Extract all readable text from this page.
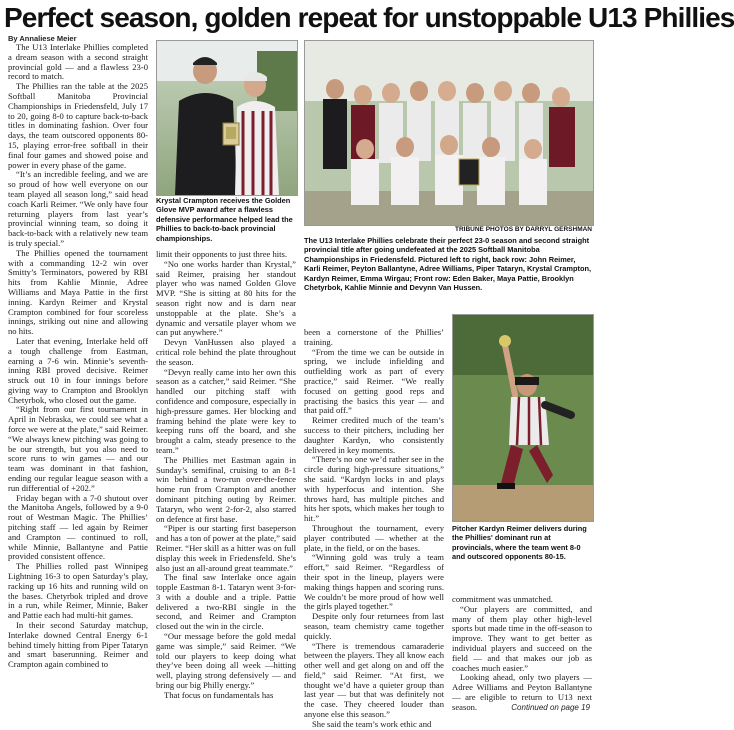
Perfect season, golden repeat for unstoppable U13 Phillies
By Annaliese Meier

The U13 Interlake Phillies completed a dream season with a second straight provincial gold — and a flawless 23-0 record to match.

The Phillies ran the table at the 2025 Softball Manitoba Provincial Championships in Friedensfeld, July 17 to 20, going 8-0 to capture back-to-back titles in dominating fashion. Over four days, the team outscored opponents 80-15, playing error-free softball in their final four games and showed poise and power in every phase of the game.

“It’s an incredible feeling, and we are so proud of how well everyone on our team played all season long,” said head coach Karli Reimer. “We only have four returning players from last year’s provincial winning team, so doing it back-to-back with a relatively new team is truly special.”

The Phillies opened the tournament with a commanding 12-2 win over Smitty’s Terminators, powered by RBI hits from Kahlie Minnie, Adree Williams and Maya Pattie in the first inning. Kardyn Reimer and Krystal Crampton combined for four scoreless innings, striking out nine and allowing no hits.

Later that evening, Interlake held off a tough challenge from Eastman, earning a 7-6 win. Minnie’s seventh-inning RBI proved decisive. Reimer struck out 10 in four innings before giving way to Crampton and Brooklyn Chetyrbok, who closed out the game.

“Right from our first tournament in April in Nebraska, we could see what a force we were at the plate,” said Reimer. “We always knew pitching was going to be our strength, but you also need to score runs to win games — and our team was dominant in that fashion, ending our regular league season with a run differential of +202.”

Friday began with a 7-0 shutout over the Manitoba Angels, followed by a 9-0 rout of Westman Magic. The Phillies’ pitching staff — led again by Reimer and Crampton — continued to roll, while Minnie, Ballantyne and Pattie provided consistent offence.

The Phillies rolled past Winnipeg Lightning 16-3 to open Saturday’s play, racking up 16 hits and running wild on the bases. Chetyrbok tripled and drove in a run, while Reimer, Minnie, Baker and Pattie each had multi-hit games.

In their second Saturday matchup, Interlake downed Central Energy 6-1 behind timely hitting from Piper Tataryn and smart baserunning. Reimer and Crampton again combined to

Krystal Crampton receives the Golden Glove MVP award after a flawless defensive performance helped lead the Phillies to back-to-back provincial championships.
TRIBUNE PHOTOS BY DARRYL GERSHMAN
The U13 Interlake Phillies celebrate their perfect 23-0 season and second straight provincial title after going undefeated at the 2025 Softball Manitoba Championships in Friedensfeld. Pictured left to right, back row: John Reimer, Karli Reimer, Peyton Ballantyne, Adree Williams, Piper Tataryn, Krystal Crampton, Kardyn Reimer, Emma Wirgau; Front row: Eden Baker, Maya Pattie, Brooklyn Chetyrbok, Kahlie Minnie and Devynn Van Hussen.

limit their opponents to just three hits.

“No one works harder than Krystal,” said Reimer, praising her standout player who was named Golden Glove MVP. “She is sitting at 80 hits for the season right now and is darn near unstoppable at the plate. She’s a dynamic and versatile player whom we can put anywhere.”

Devyn VanHussen also played a critical role behind the plate throughout the season.

“Devyn really came into her own this season as a catcher,” said Reimer. “She handled our pitching staff with confidence and composure, especially in high-pressure games. Her blocking and framing behind the plate were key to keeping runs off the board, and she brought a calm, steady presence to the team.”

The Phillies met Eastman again in Sunday’s semifinal, cruising to an 8-1 win behind a two-run over-the-fence home run from Crampton and another dominant pitching outing by Reimer. Tataryn, who went 2-for-2, also starred on defence at first base.

“Piper is our starting first baseperson and has a ton of power at the plate,” said Reimer. “Her skill as a hitter was on full display this week in Friedensfeld. She’s also just an all-around great teammate.”

The final saw Interlake once again topple Eastman 8-1. Tataryn went 3-for-3 with a double and a triple. Pattie delivered a two-RBI single in the second, and Reimer and Crampton closed out the win in the circle.

“Our message before the gold medal game was simple,” said Reimer. “We told our players to keep doing what they’ve been doing all week —hitting well, playing strong defensively — and bring our big Philly energy.”

That focus on fundamentals has

been a cornerstone of the Phillies’ training.

“From the time we can be outside in spring, we include infielding and outfielding work as part of every practice,” said Reimer. “We really focused on getting good reps and practising the basics this year — and that paid off.”

Reimer credited much of the team’s success to their pitchers, including her daughter Kardyn, who consistently delivered in key moments.

“There’s no one we’d rather see in the circle during high-pressure situations,” she said. “Kardyn locks in and plays with hyperfocus and intention. She throws hard, has multiple pitches and hits her spots, which makes her tough to hit.”

Throughout the tournament, every player contributed — whether at the plate, in the field, or on the bases.

“Winning gold was truly a team effort,” said Reimer. “Regardless of their spot in the lineup, players were making things happen and scoring runs. We couldn’t be more proud of how well the girls played together.”

Despite only four returnees from last season, team chemistry came together quickly.

“There is tremendous camaraderie between the players. They all know each other well and get along on and off the field,” said Reimer. “At first, we thought we’d have a quieter group than last year — but that was definitely not the case. They cheered louder than anyone else this season.”

She said the team’s work ethic and

Pitcher Kardyn Reimer delivers during the Phillies' dominant run at provincials, where the team went 8-0 and outscored opponents 80-15.

commitment was unmatched.

“Our players are committed, and many of them play other high-level sports but made time in the off-season to improve. They want to get better as individual players and succeed on the field — and that makes our job as coaches much easier.”

Looking ahead, only two players — Adree Williams and Peyton Ballantyne — are eligible to return to U13 next season.	Continued on page 19
